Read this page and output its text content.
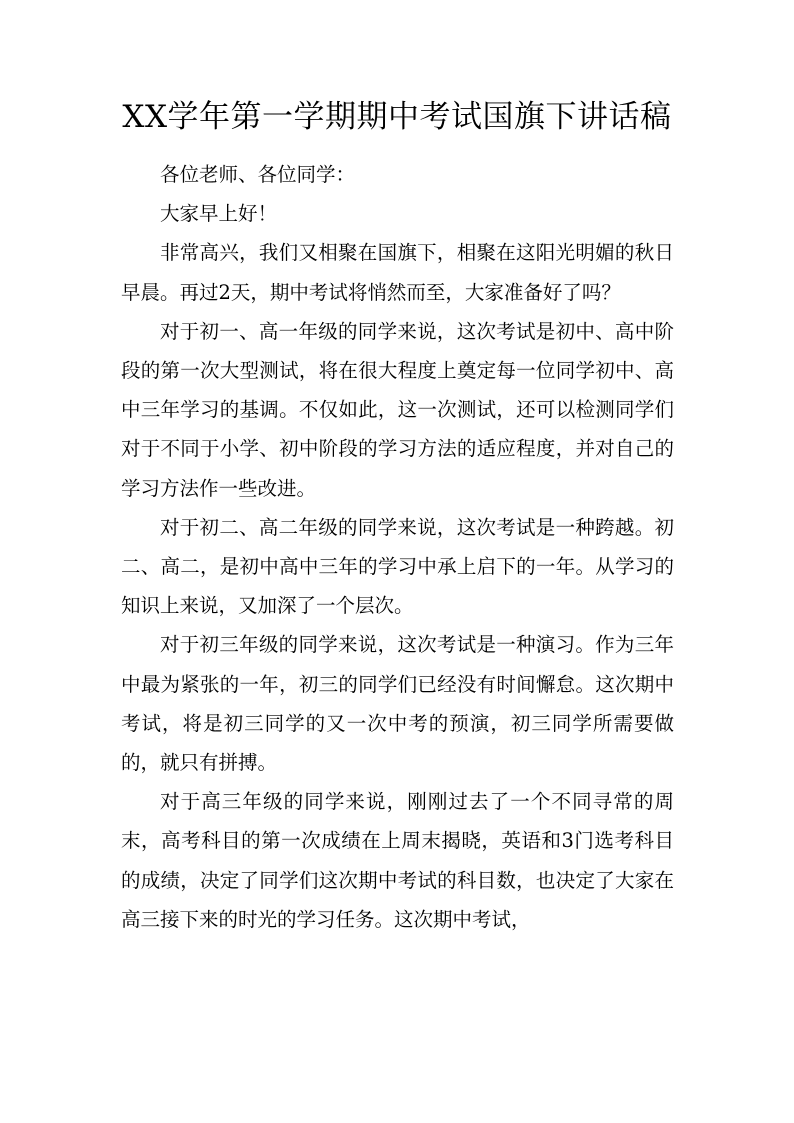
XX学年第一学期期中考试国旗下讲话稿

各位老师、各位同学：

大家早上好！

非常高兴，我们又相聚在国旗下，相聚在这阳光明媚的秋日早晨。再过2天，期中考试将悄然而至，大家准备好了吗？

对于初一、高一年级的同学来说，这次考试是初中、高中阶段的第一次大型测试，将在很大程度上奠定每一位同学初中、高中三年学习的基调。不仅如此，这一次测试，还可以检测同学们对于不同于小学、初中阶段的学习方法的适应程度，并对自己的学习方法作一些改进。

对于初二、高二年级的同学来说，这次考试是一种跨越。初二、高二，是初中高中三年的学习中承上启下的一年。从学习的知识上来说，又加深了一个层次。

对于初三年级的同学来说，这次考试是一种演习。作为三年中最为紧张的一年，初三的同学们已经没有时间懈怠。这次期中考试，将是初三同学的又一次中考的预演，初三同学所需要做的，就只有拼搏。

对于高三年级的同学来说，刚刚过去了一个不同寻常的周末，高考科目的第一次成绩在上周末揭晓，英语和3门选考科目的成绩，决定了同学们这次期中考试的科目数，也决定了大家在高三接下来的时光的学习任务。这次期中考试，
